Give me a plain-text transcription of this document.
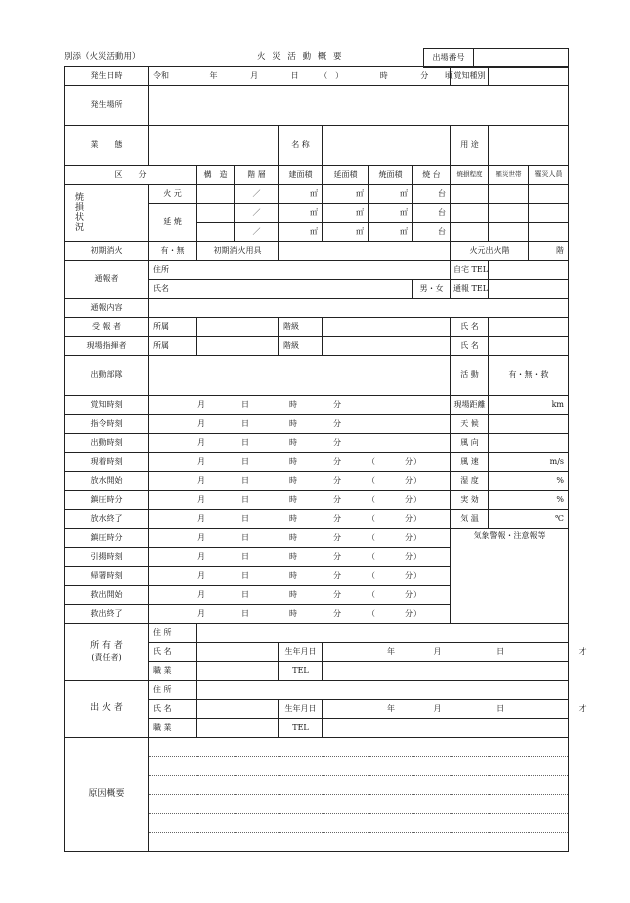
別添（火災活動用）	火 災 活 動 概 要

発生日時	令和 年 月 日 （　） 時 分 頃							覚知種別		
発生場所										
業　　態				名 称				用 途		
区　　分		構　造	階 層	建面積	延面積	焼面積	焼 台	焼損程度	罹災世帯	罹災人員
焼損状況	火 元		／	㎡	㎡	㎡	台			
	延 焼		／	㎡	㎡	㎡	台			
			／	㎡	㎡	㎡	台			
初期消火	有・無	初期消火用具						火元出火階		階
通報者	住所							自宅 TEL		
	氏名						男・女	通報 TEL		
通報内容										
受 報 者	所属			階級				氏 名		
現場指揮者	所属			階級				氏 名		
出動部隊								活 動	有・無・救	
覚知時刻	月 日 時 分							現場距離	km	
指令時刻	月 日 時 分							天 候		
出動時刻	月 日 時 分							風 向		
現着時刻	月 日 時 分 （ 分）							風 速	m/s	
放水開始	月 日 時 分 （ 分）							湿 度	%	
鎮圧時分	月 日 時 分 （ 分）							実 効	%	
放水終了	月 日 時 分 （ 分）							気 温	℃	
鎮圧時分	月 日 時 分 （ 分）							気象警報・注意報等		
引揚時刻	月 日 時 分 （ 分）									
帰署時刻	月 日 時 分 （ 分）									
救出開始	月 日 時 分 （ 分）									
救出終了	月 日 時 分 （ 分）									

所 有 者
(責任者)	住 所									
	氏 名			生年月日	年 月 日 才					
	職 業			TEL						
出 火 者	住 所									
	氏 名			生年月日	年 月 日 才					
	職 業			TEL						
原因概要										

出場番号	
